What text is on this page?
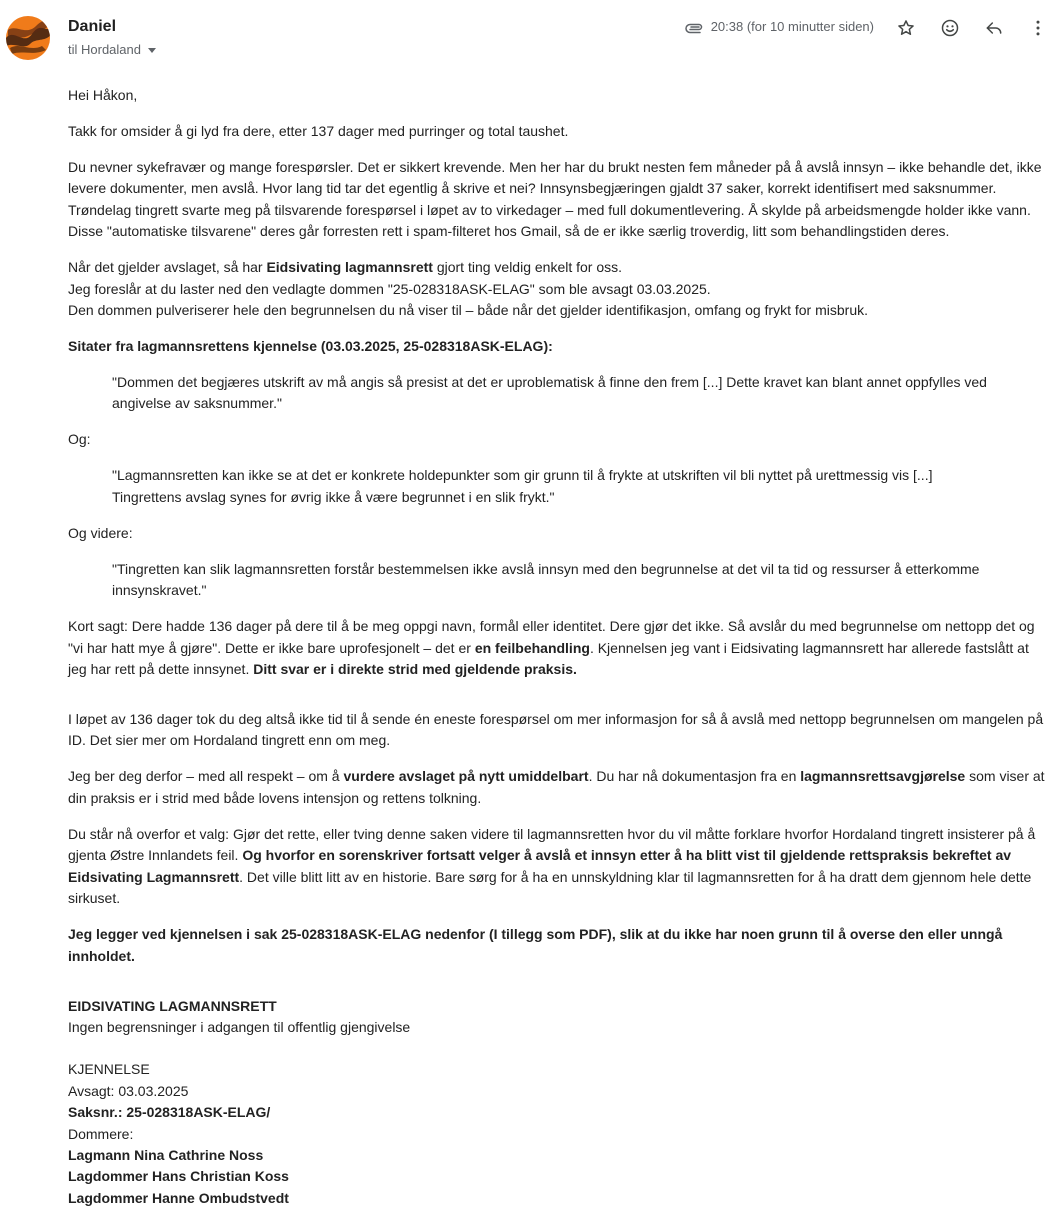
Daniel
til Hordaland
20:38 (for 10 minutter siden)

Hei Håkon,

Takk for omsider å gi lyd fra dere, etter 137 dager med purringer og total taushet.

Du nevner sykefravær og mange forespørsler. Det er sikkert krevende. Men her har du brukt nesten fem måneder på å avslå innsyn – ikke behandle det, ikke levere dokumenter, men avslå. Hvor lang tid tar det egentlig å skrive et nei? Innsynsbegjæringen gjaldt 37 saker, korrekt identifisert med saksnummer. Trøndelag tingrett svarte meg på tilsvarende forespørsel i løpet av to virkedager – med full dokumentlevering. Å skylde på arbeidsmengde holder ikke vann. Disse "automatiske tilsvarene" deres går forresten rett i spam-filteret hos Gmail, så de er ikke særlig troverdig, litt som behandlingstiden deres.

Når det gjelder avslaget, så har Eidsivating lagmannsrett gjort ting veldig enkelt for oss.
Jeg foreslår at du laster ned den vedlagte dommen "25-028318ASK-ELAG" som ble avsagt 03.03.2025.
Den dommen pulveriserer hele den begrunnelsen du nå viser til – både når det gjelder identifikasjon, omfang og frykt for misbruk.

Sitater fra lagmannsrettens kjennelse (03.03.2025, 25-028318ASK-ELAG):

"Dommen det begjæres utskrift av må angis så presist at det er uproblematisk å finne den frem [...] Dette kravet kan blant annet oppfylles ved angivelse av saksnummer."

Og:

"Lagmannsretten kan ikke se at det er konkrete holdepunkter som gir grunn til å frykte at utskriften vil bli nyttet på urettmessig vis [...]
Tingrettens avslag synes for øvrig ikke å være begrunnet i en slik frykt."

Og videre:

"Tingretten kan slik lagmannsretten forstår bestemmelsen ikke avslå innsyn med den begrunnelse at det vil ta tid og ressurser å etterkomme innsynskravet."

Kort sagt: Dere hadde 136 dager på dere til å be meg oppgi navn, formål eller identitet. Dere gjør det ikke. Så avslår du med begrunnelse om nettopp det og "vi har hatt mye å gjøre". Dette er ikke bare uprofesjonelt – det er en feilbehandling. Kjennelsen jeg vant i Eidsivating lagmannsrett har allerede fastslått at jeg har rett på dette innsynet. Ditt svar er i direkte strid med gjeldende praksis.

I løpet av 136 dager tok du deg altså ikke tid til å sende én eneste forespørsel om mer informasjon for så å avslå med nettopp begrunnelsen om mangelen på ID. Det sier mer om Hordaland tingrett enn om meg.

Jeg ber deg derfor – med all respekt – om å vurdere avslaget på nytt umiddelbart. Du har nå dokumentasjon fra en lagmannsrettsavgjørelse som viser at din praksis er i strid med både lovens intensjon og rettens tolkning.

Du står nå overfor et valg: Gjør det rette, eller tving denne saken videre til lagmannsretten hvor du vil måtte forklare hvorfor Hordaland tingrett insisterer på å gjenta Østre Innlandets feil. Og hvorfor en sorenskriver fortsatt velger å avslå et innsyn etter å ha blitt vist til gjeldende rettspraksis bekreftet av Eidsivating Lagmannsrett. Det ville blitt litt av en historie. Bare sørg for å ha en unnskyldning klar til lagmannsretten for å ha dratt dem gjennom hele dette sirkuset.

Jeg legger ved kjennelsen i sak 25-028318ASK-ELAG nedenfor (I tillegg som PDF), slik at du ikke har noen grunn til å overse den eller unngå innholdet.

EIDSIVATING LAGMANNSRETT
Ingen begrensninger i adgangen til offentlig gjengivelse
KJENNELSE
Avsagt: 03.03.2025
Saksnr.: 25-028318ASK-ELAG/
Dommere:
Lagmann Nina Cathrine Noss
Lagdommer Hans Christian Koss
Lagdommer Hanne Ombudstvedt
